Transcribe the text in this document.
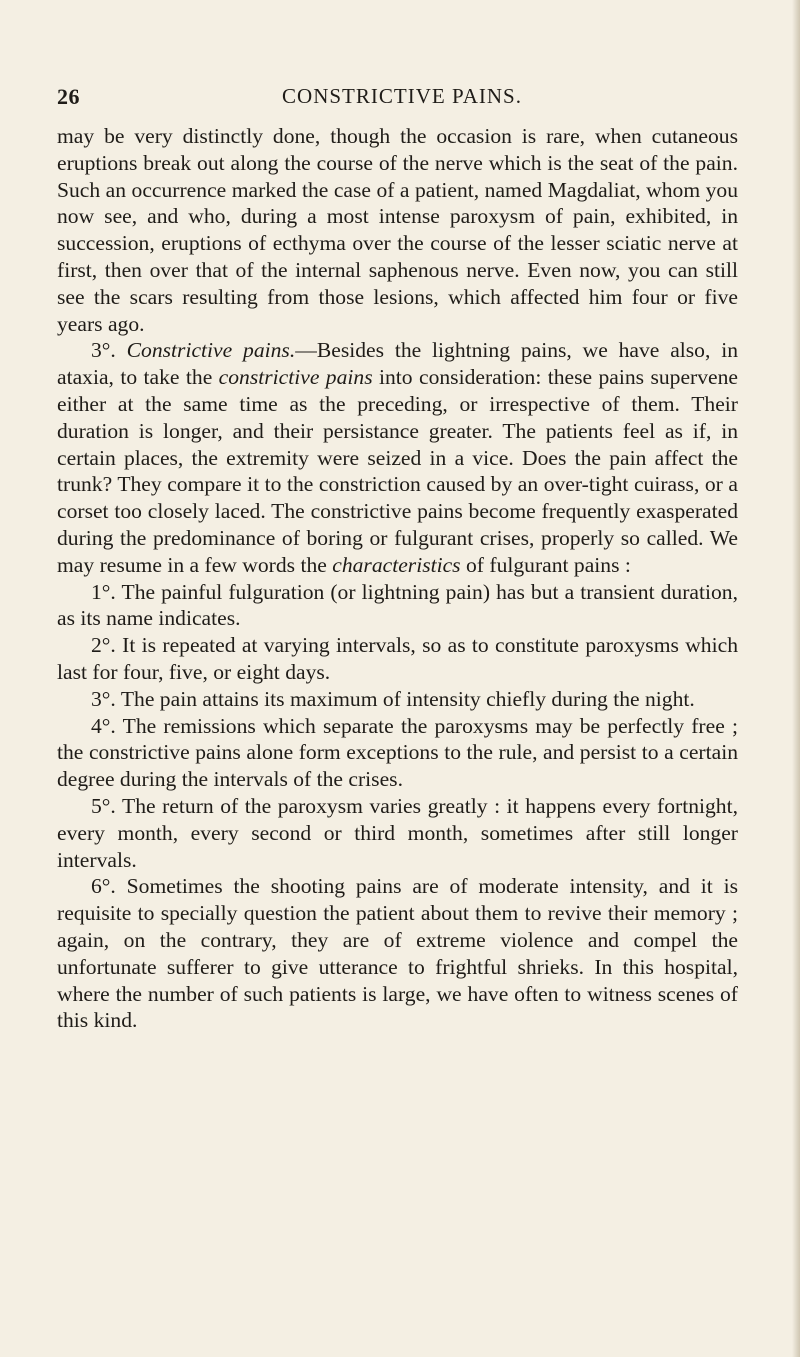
26	CONSTRICTIVE PAINS.

may be very distinctly done, though the occasion is rare, when cutaneous eruptions break out along the course of the nerve which is the seat of the pain. Such an occurrence marked the case of a patient, named Magdaliat, whom you now see, and who, during a most intense paroxysm of pain, exhibited, in succession, eruptions of ecthyma over the course of the lesser sciatic nerve at first, then over that of the internal saphenous nerve. Even now, you can still see the scars resulting from those lesions, which affected him four or five years ago.

3°. Constrictive pains.—Besides the lightning pains, we have also, in ataxia, to take the constrictive pains into consideration: these pains supervene either at the same time as the preceding, or irrespective of them. Their duration is longer, and their persistance greater. The patients feel as if, in certain places, the extremity were seized in a vice. Does the pain affect the trunk? They compare it to the constriction caused by an over-tight cuirass, or a corset too closely laced. The constrictive pains become frequently exasperated during the predominance of boring or fulgurant crises, properly so called. We may resume in a few words the characteristics of fulgurant pains :

1°. The painful fulguration (or lightning pain) has but a transient duration, as its name indicates.

2°. It is repeated at varying intervals, so as to constitute paroxysms which last for four, five, or eight days.

3°. The pain attains its maximum of intensity chiefly during the night.

4°. The remissions which separate the paroxysms may be perfectly free ; the constrictive pains alone form exceptions to the rule, and persist to a certain degree during the intervals of the crises.

5°. The return of the paroxysm varies greatly : it happens every fortnight, every month, every second or third month, sometimes after still longer intervals.

6°. Sometimes the shooting pains are of moderate intensity, and it is requisite to specially question the patient about them to revive their memory ; again, on the contrary, they are of extreme violence and compel the unfortunate sufferer to give utterance to frightful shrieks. In this hospital, where the number of such patients is large, we have often to witness scenes of this kind.
